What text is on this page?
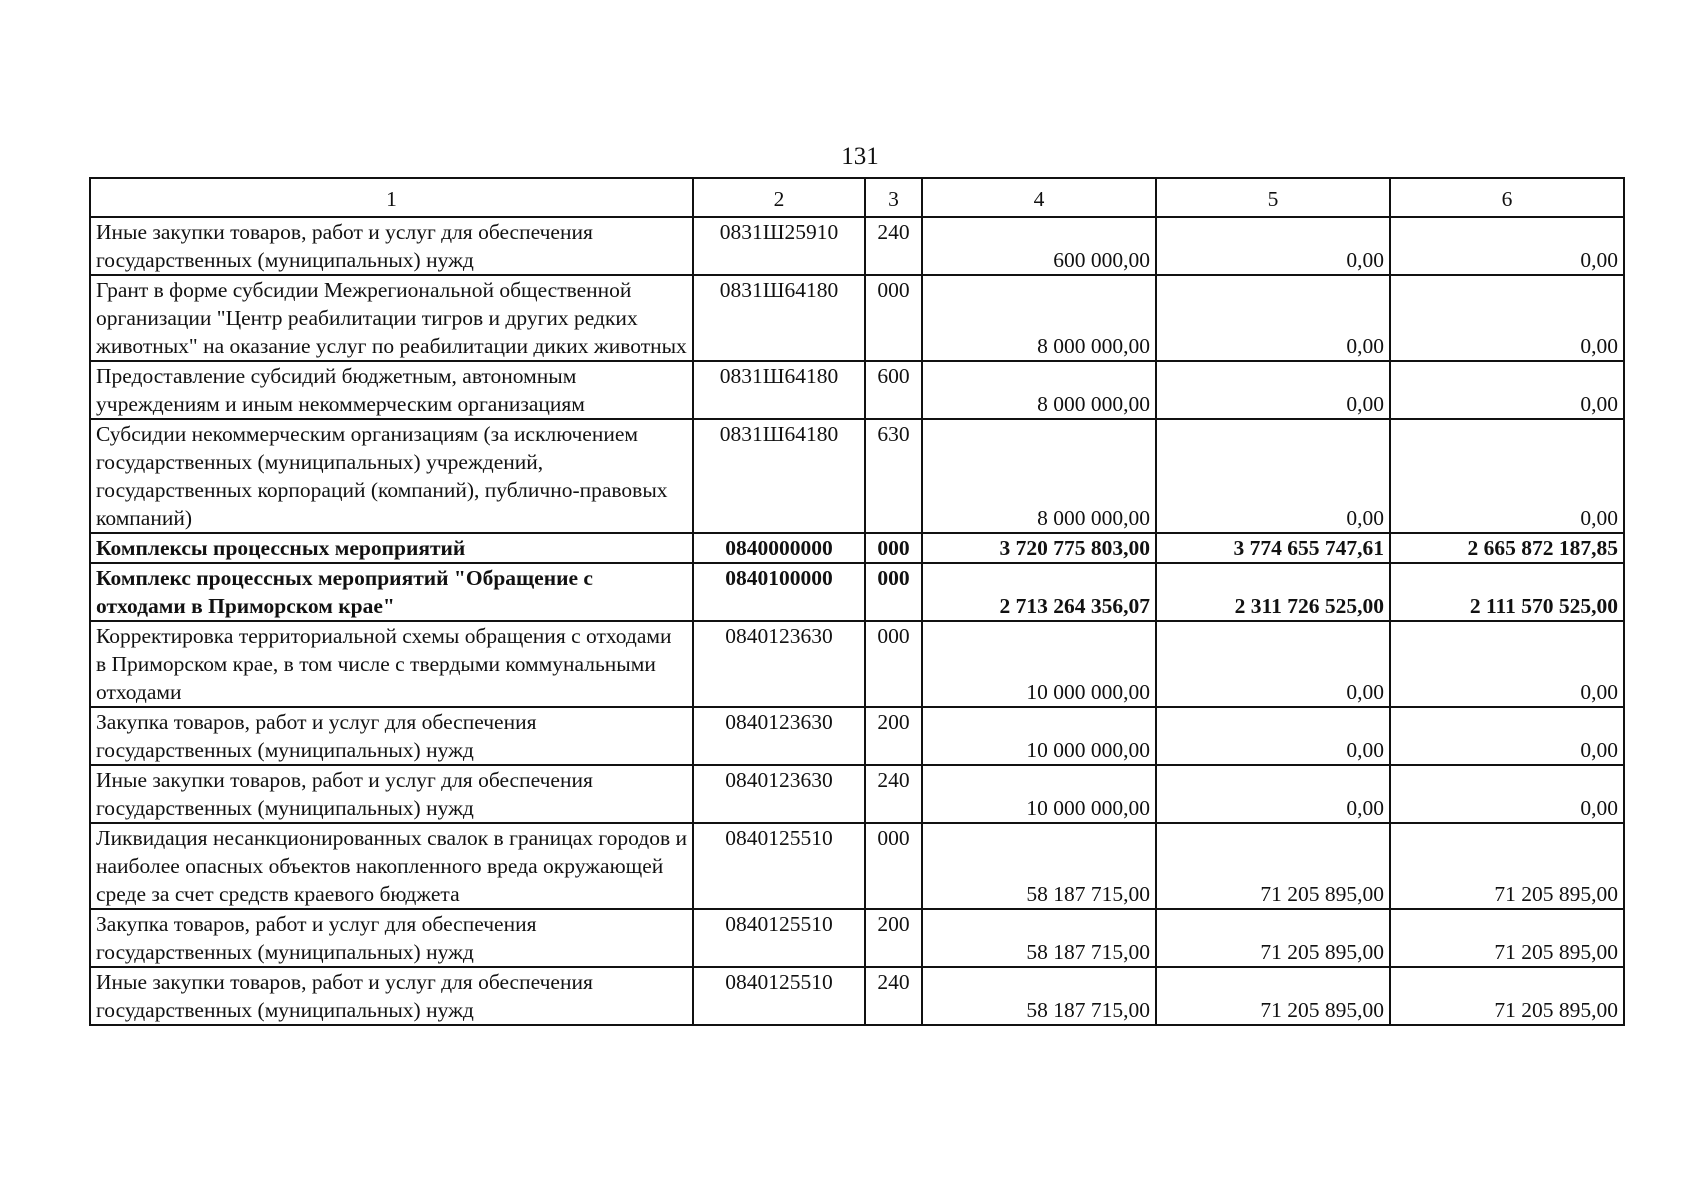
131
1	2	3	4	5	6
Иные закупки товаров, работ и услуг для обеспечения государственных (муниципальных) нужд	0831Ш25910	240	600 000,00	0,00	0,00
Грант в форме субсидии Межрегиональной общественной организации "Центр реабилитации тигров и других редких животных" на оказание услуг по реабилитации диких животных	0831Ш64180	000	8 000 000,00	0,00	0,00
Предоставление субсидий бюджетным, автономным учреждениям и иным некоммерческим организациям	0831Ш64180	600	8 000 000,00	0,00	0,00
Субсидии некоммерческим организациям (за исключением государственных (муниципальных) учреждений, государственных корпораций (компаний), публично-правовых компаний)	0831Ш64180	630	8 000 000,00	0,00	0,00
Комплексы процессных мероприятий	0840000000	000	3 720 775 803,00	3 774 655 747,61	2 665 872 187,85
Комплекс процессных мероприятий "Обращение с отходами в Приморском крае"	0840100000	000	2 713 264 356,07	2 311 726 525,00	2 111 570 525,00
Корректировка территориальной схемы обращения с отходами в Приморском крае, в том числе с твердыми коммунальными отходами	0840123630	000	10 000 000,00	0,00	0,00
Закупка товаров, работ и услуг для обеспечения государственных (муниципальных) нужд	0840123630	200	10 000 000,00	0,00	0,00
Иные закупки товаров, работ и услуг для обеспечения государственных (муниципальных) нужд	0840123630	240	10 000 000,00	0,00	0,00
Ликвидация несанкционированных свалок в границах городов и наиболее опасных объектов накопленного вреда окружающей среде за счет средств краевого бюджета	0840125510	000	58 187 715,00	71 205 895,00	71 205 895,00
Закупка товаров, работ и услуг для обеспечения государственных (муниципальных) нужд	0840125510	200	58 187 715,00	71 205 895,00	71 205 895,00
Иные закупки товаров, работ и услуг для обеспечения государственных (муниципальных) нужд	0840125510	240	58 187 715,00	71 205 895,00	71 205 895,00
